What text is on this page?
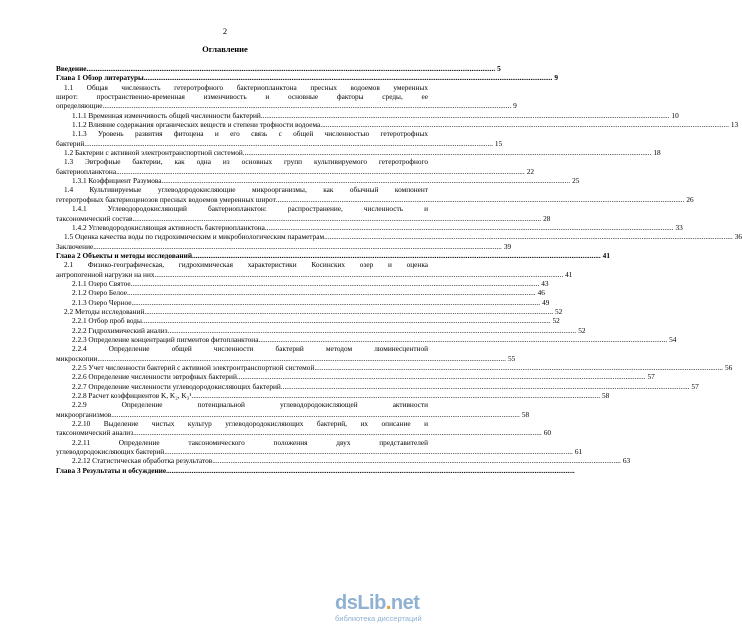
2
Оглавление
Введение .....	5
Глава 1 Обзор литературы .....	9
1.1 Общая численность гетеротрофного бактериопланктона пресных водоемов умеренных
широт: пространственно-временная изменчивость и основные факторы среды, ее
определяющие .....	9
1.1.1 Временная изменчивость общей численности бактерий .....	10
1.1.2 Влияние содержания органических веществ и степени трофности водоема .....	13
1.1.3 Уровень развития фитоцена и его связь с общей численностью гетеротрофных
бактерий .....	15
1.2 Бактерии с активной электронтранспортной системой .....	18
1.3 Эвтрофные бактерии, как одна из основных групп культивируемого гетеротрофного
бактериопланктона .....	22
1.3.1 Коэффициент Разумова .....	25
1.4 Культивируемые углеводородокисляющие микроорганизмы, как обычный компонент
гетеротрофных бактериоценозов пресных водоемов умеренных широт .....	26
1.4.1 Углеводородокисляющий бактериопланктон: распространение, численность и
таксономический состав .....	28
1.4.2 Углеводородокисляющая активность бактериопланктона .....	33
1.5 Оценка качества воды по гидрохимическим и микробиологическим параметрам .....	36
Заключение .....	39
Глава 2 Объекты и методы исследований .....	41
2.1 Физико-географическая, гидрохимическая характеристики Косинских озер и оценка
антропогенной нагрузки на них .....	41
2.1.1 Озеро Святое .....	43
2.1.2 Озеро Белое .....	46
2.1.3 Озеро Черное .....	49
2.2 Методы исследований .....	52
2.2.1 Отбор проб воды .....	52
2.2.2 Гидрохимический анализ .....	52
2.2.3 Определение концентраций пигментов фитопланктона .....	54
2.2.4 Определение общей численности бактерий методом люминесцентной
микроскопии .....	55
2.2.5 Учет численности бактерий с активной электронтранспортной системой .....	56
2.2.6 Определение численности эвтрофных бактерий .....	57
2.2.7 Определение численности углеводородокисляющих бактерий .....	57
2.2.8 Расчет коэффициентов K, K₂, K₃¹ .....	58
2.2.9 Определение потенциальной углеводородокисляющей активности
микроорганизмов .....	58
2.2.10 Выделение чистых культур углеводородокисляющих бактерий, их описание и
таксономический анализ .....	60
2.2.11 Определение таксономического положения двух представителей
углеводородокисляющих бактерий .....	61
2.2.12 Статистическая обработка результатов .....	63
Глава 3 Результаты и обсуждение
.....
dsLib.net
библиотека диссертаций
